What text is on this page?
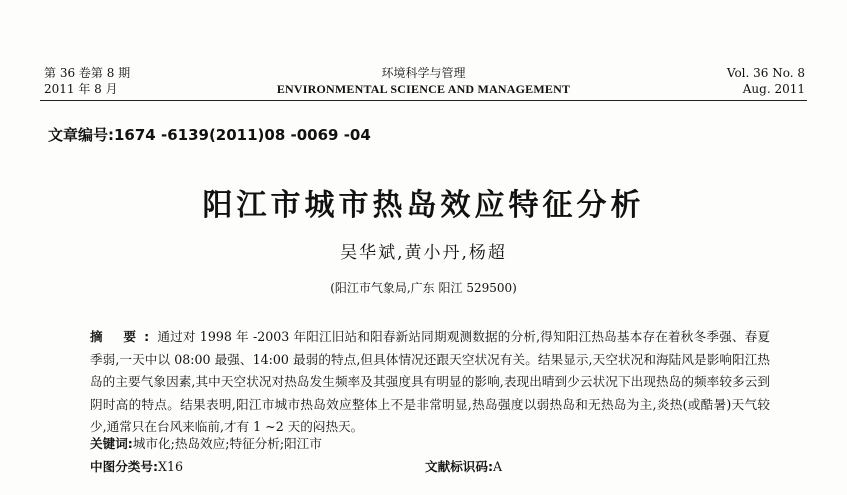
第 36 卷第 8 期
2011 年 8 月
环境科学与管理
ENVIRONMENTAL SCIENCE AND MANAGEMENT
Vol. 36 No. 8
Aug. 2011
文章编号:1674 -6139(2011)08 -0069 -04
阳江市城市热岛效应特征分析
吴华斌,黄小丹,杨超
(阳江市气象局,广东 阳江 529500)
摘 要:通过对 1998 年 -2003 年阳江旧站和阳春新站同期观测数据的分析,得知阳江热岛基本存在着秋冬季强、春夏季弱,一天中以 08:00 最强、14:00 最弱的特点,但具体情况还跟天空状况有关。结果显示,天空状况和海陆风是影响阳江热岛的主要气象因素,其中天空状况对热岛发生频率及其强度具有明显的影响,表现出晴到少云状况下出现热岛的频率较多云到阴时高的特点。结果表明,阳江市城市热岛效应整体上不是非常明显,热岛强度以弱热岛和无热岛为主,炎热(或酷暑)天气较少,通常只在台风来临前,才有 1 ~2 天的闷热天。
关键词:城市化;热岛效应;特征分析;阳江市
中图分类号:X16	文献标识码:A
